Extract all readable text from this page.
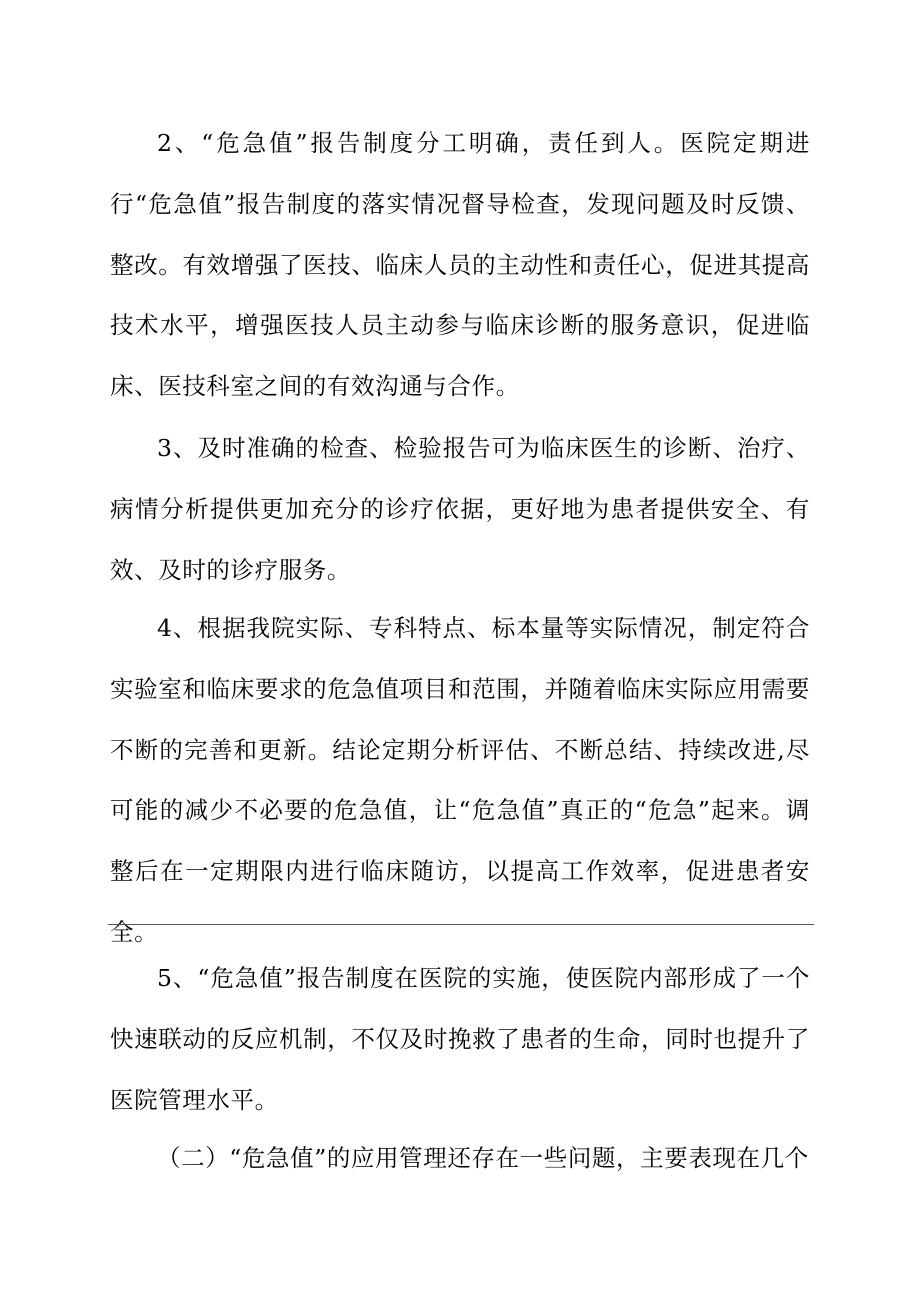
2、“危急值”报告制度分工明确，责任到人。医院定期进行“危急值”报告制度的落实情况督导检查，发现问题及时反馈、整改。有效增强了医技、临床人员的主动性和责任心，促进其提高技术水平，增强医技人员主动参与临床诊断的服务意识，促进临床、医技科室之间的有效沟通与合作。

3、及时准确的检查、检验报告可为临床医生的诊断、治疗、病情分析提供更加充分的诊疗依据，更好地为患者提供安全、有效、及时的诊疗服务。

4、根据我院实际、专科特点、标本量等实际情况，制定符合实验室和临床要求的危急值项目和范围，并随着临床实际应用需要不断的完善和更新。结论定期分析评估、不断总结、持续改进,尽可能的减少不必要的危急值，让“危急值”真正的“危急”起来。调整后在一定期限内进行临床随访，以提高工作效率，促进患者安全。

5、“危急值”报告制度在医院的实施，使医院内部形成了一个快速联动的反应机制，不仅及时挽救了患者的生命，同时也提升了医院管理水平。

（二）“危急值”的应用管理还存在一些问题，主要表现在几个
